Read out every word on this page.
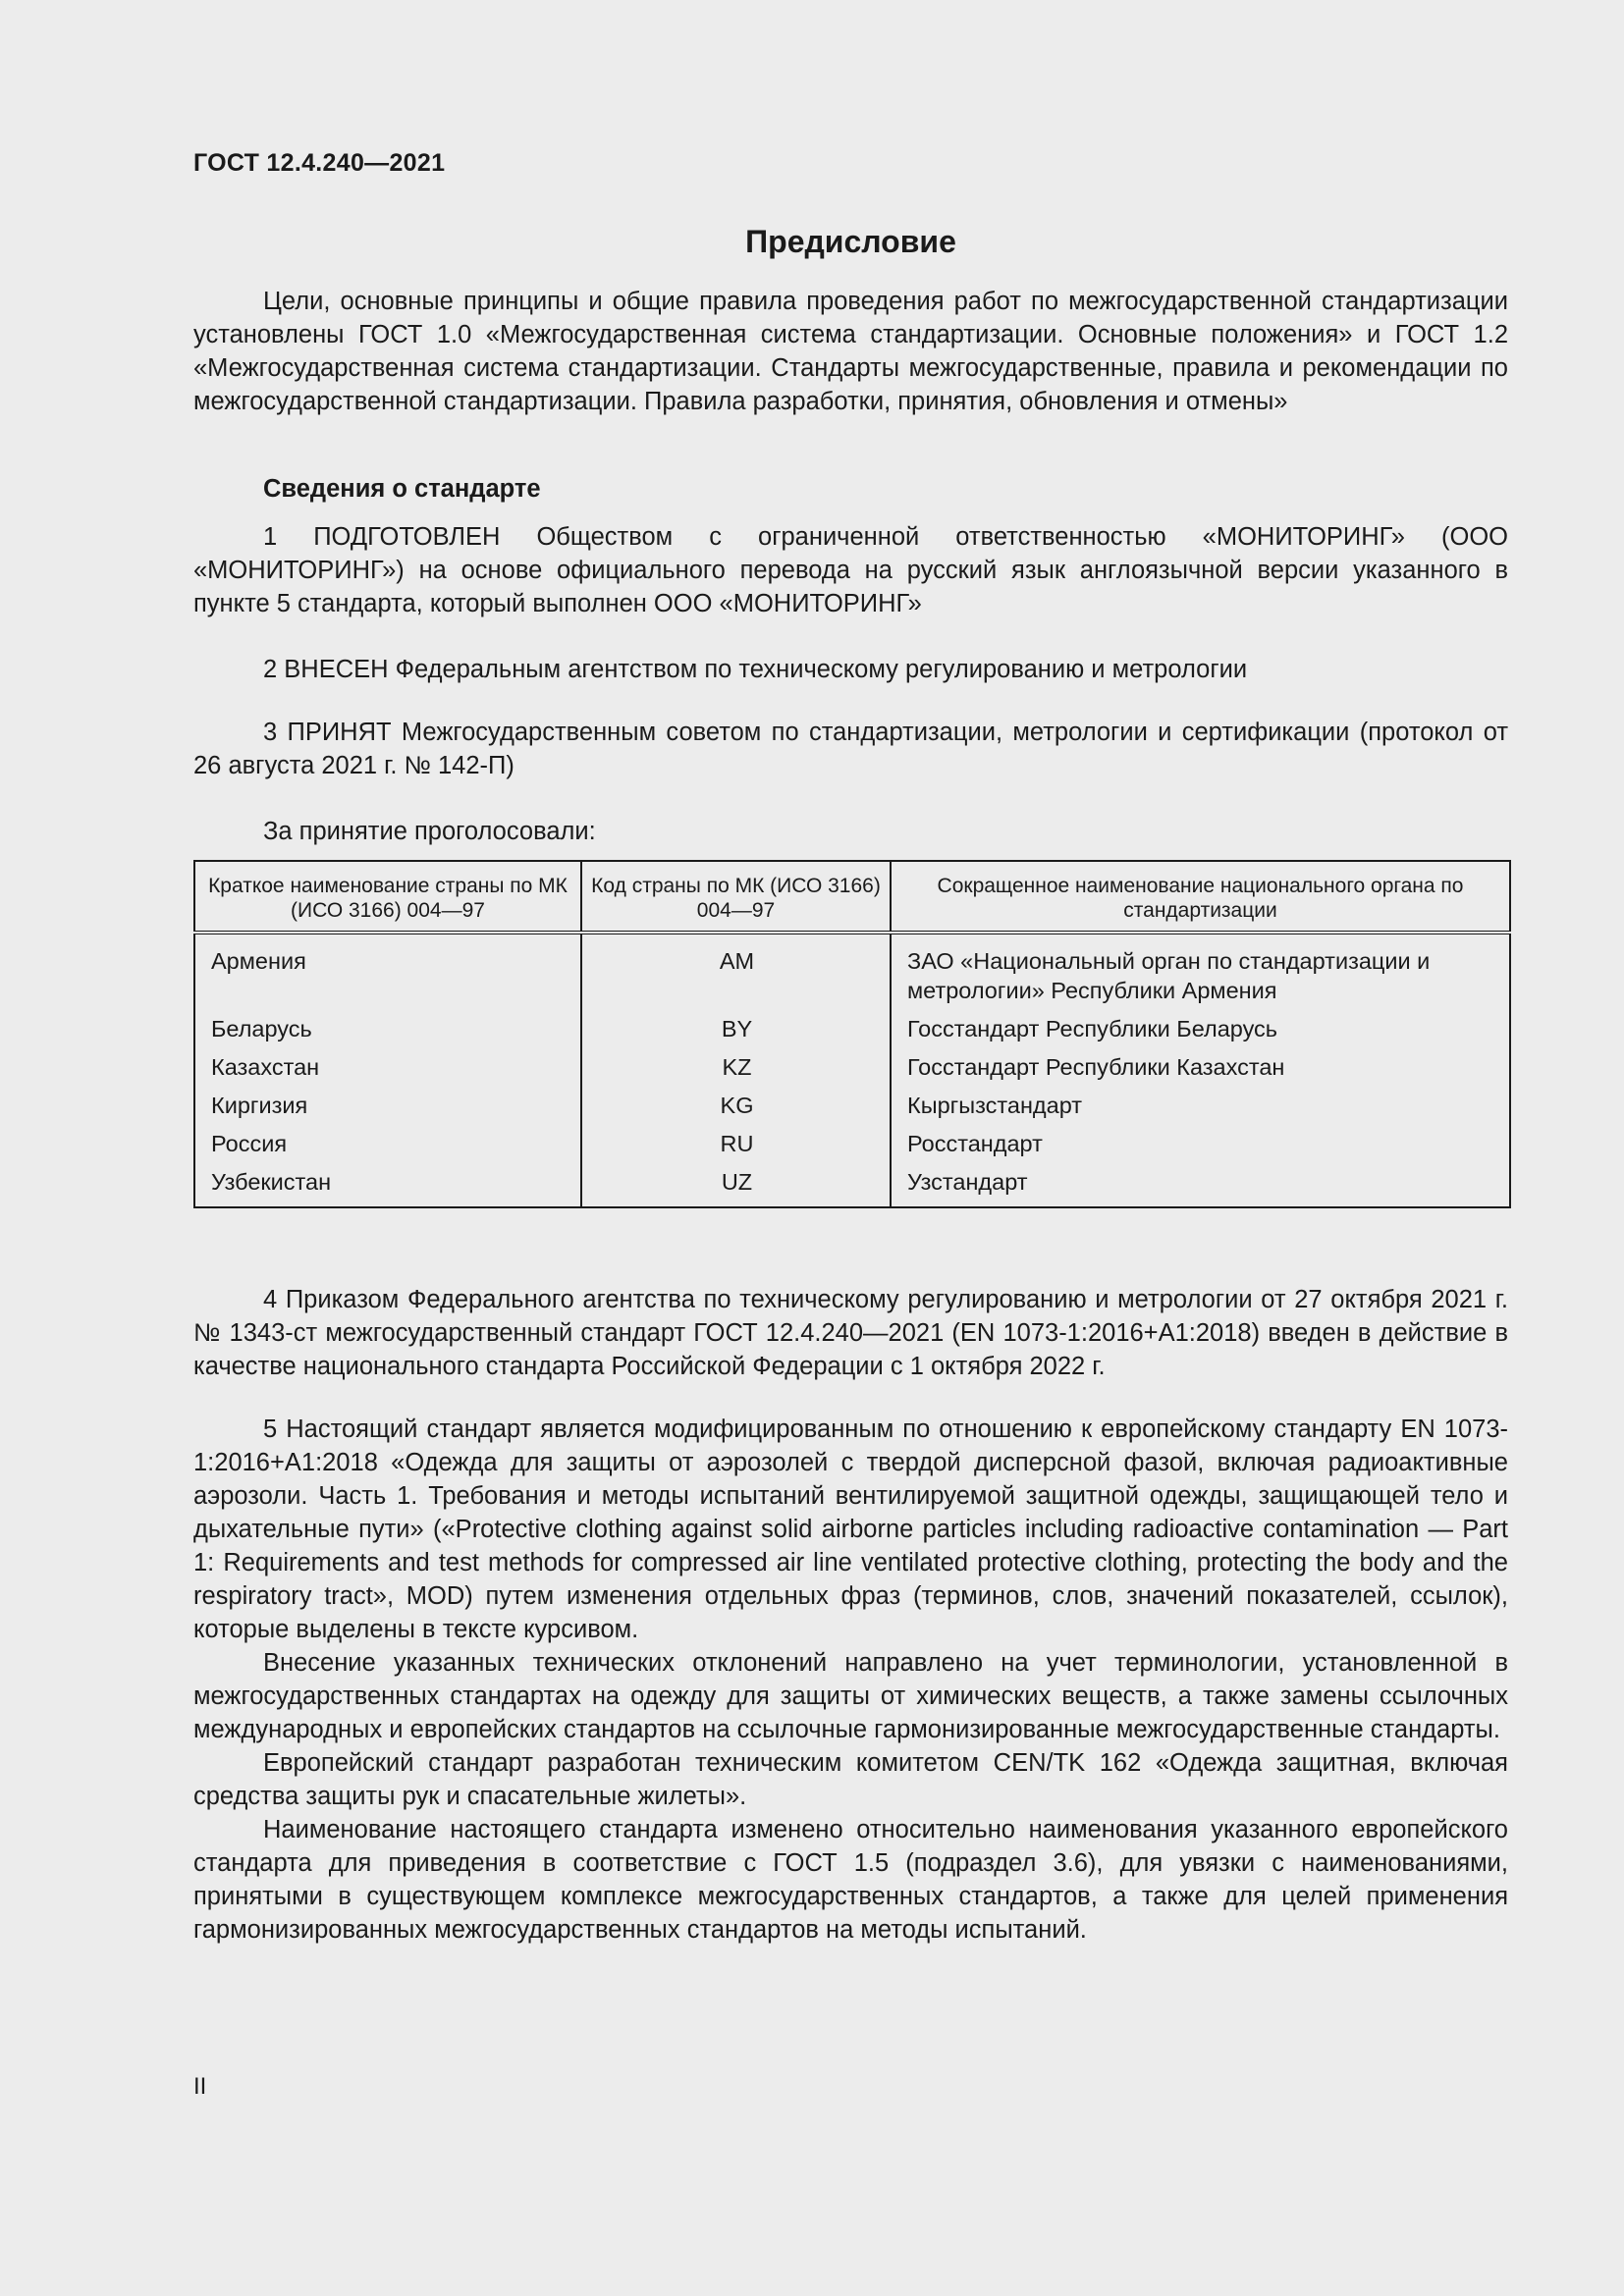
ГОСТ 12.4.240—2021
Предисловие
Цели, основные принципы и общие правила проведения работ по межгосударственной стандартизации установлены ГОСТ 1.0 «Межгосударственная система стандартизации. Основные положения» и ГОСТ 1.2 «Межгосударственная система стандартизации. Стандарты межгосударственные, правила и рекомендации по межгосударственной стандартизации. Правила разработки, принятия, обновления и отмены»
Сведения о стандарте
1 ПОДГОТОВЛЕН Обществом с ограниченной ответственностью «МОНИТОРИНГ» (ООО «МОНИТОРИНГ») на основе официального перевода на русский язык англоязычной версии указанного в пункте 5 стандарта, который выполнен ООО «МОНИТОРИНГ»
2 ВНЕСЕН Федеральным агентством по техническому регулированию и метрологии
3 ПРИНЯТ Межгосударственным советом по стандартизации, метрологии и сертификации (протокол от 26 августа 2021 г. № 142-П)
За принятие проголосовали:
Краткое наименование страны по МК (ИСО 3166) 004—97	Код страны по МК (ИСО 3166) 004—97	Сокращенное наименование национального органа по стандартизации
Армения	AM	ЗАО «Национальный орган по стандартизации и метрологии» Республики Армения
Беларусь	BY	Госстандарт Республики Беларусь
Казахстан	KZ	Госстандарт Республики Казахстан
Киргизия	KG	Кыргызстандарт
Россия	RU	Росстандарт
Узбекистан	UZ	Узстандарт
4 Приказом Федерального агентства по техническому регулированию и метрологии от 27 октября 2021 г. № 1343-ст межгосударственный стандарт ГОСТ 12.4.240—2021 (EN 1073-1:2016+A1:2018) введен в действие в качестве национального стандарта Российской Федерации с 1 октября 2022 г.

5 Настоящий стандарт является модифицированным по отношению к европейскому стандарту EN 1073-1:2016+A1:2018 «Одежда для защиты от аэрозолей с твердой дисперсной фазой, включая радиоактивные аэрозоли. Часть 1. Требования и методы испытаний вентилируемой защитной одежды, защищающей тело и дыхательные пути» («Protective clothing against solid airborne particles including radioactive contamination — Part 1: Requirements and test methods for compressed air line ventilated protective clothing, protecting the body and the respiratory tract», MOD) путем изменения отдельных фраз (терминов, слов, значений показателей, ссылок), которые выделены в тексте курсивом.

Внесение указанных технических отклонений направлено на учет терминологии, установленной в межгосударственных стандартах на одежду для защиты от химических веществ, а также замены ссылочных международных и европейских стандартов на ссылочные гармонизированные межгосударственные стандарты.

Европейский стандарт разработан техническим комитетом CEN/TK 162 «Одежда защитная, включая средства защиты рук и спасательные жилеты».

Наименование настоящего стандарта изменено относительно наименования указанного европейского стандарта для приведения в соответствие с ГОСТ 1.5 (подраздел 3.6), для увязки с наименованиями, принятыми в существующем комплексе межгосударственных стандартов, а также для целей применения гармонизированных межгосударственных стандартов на методы испытаний.

II
